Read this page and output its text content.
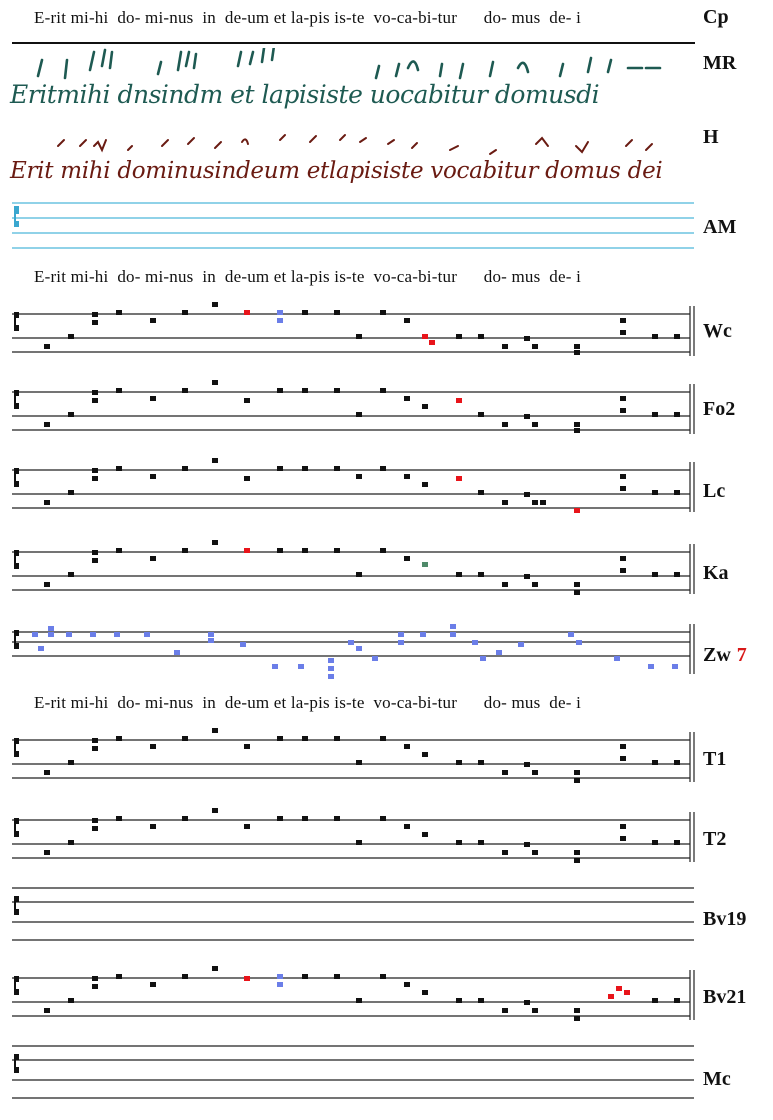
E-rit mi-hi  do- mi-nus  in  de-um et la-pis is-te  vo-ca-bi-tur      do- mus  de- i	Cp
Eritmihi dnsindm et lapisiste uocabitur domusdi
MR
Erit mihi dominusindeum etlapisiste vocabitur domus dei
H
AM
E-rit mi-hi  do- mi-nus  in  de-um et la-pis is-te  vo-ca-bi-tur      do- mus  de- i
Wc
Fo2
Lc
Ka
Zw 7
E-rit mi-hi  do- mi-nus  in  de-um et la-pis is-te  vo-ca-bi-tur      do- mus  de- i
T1
T2
Bv19
Bv21
Mc
